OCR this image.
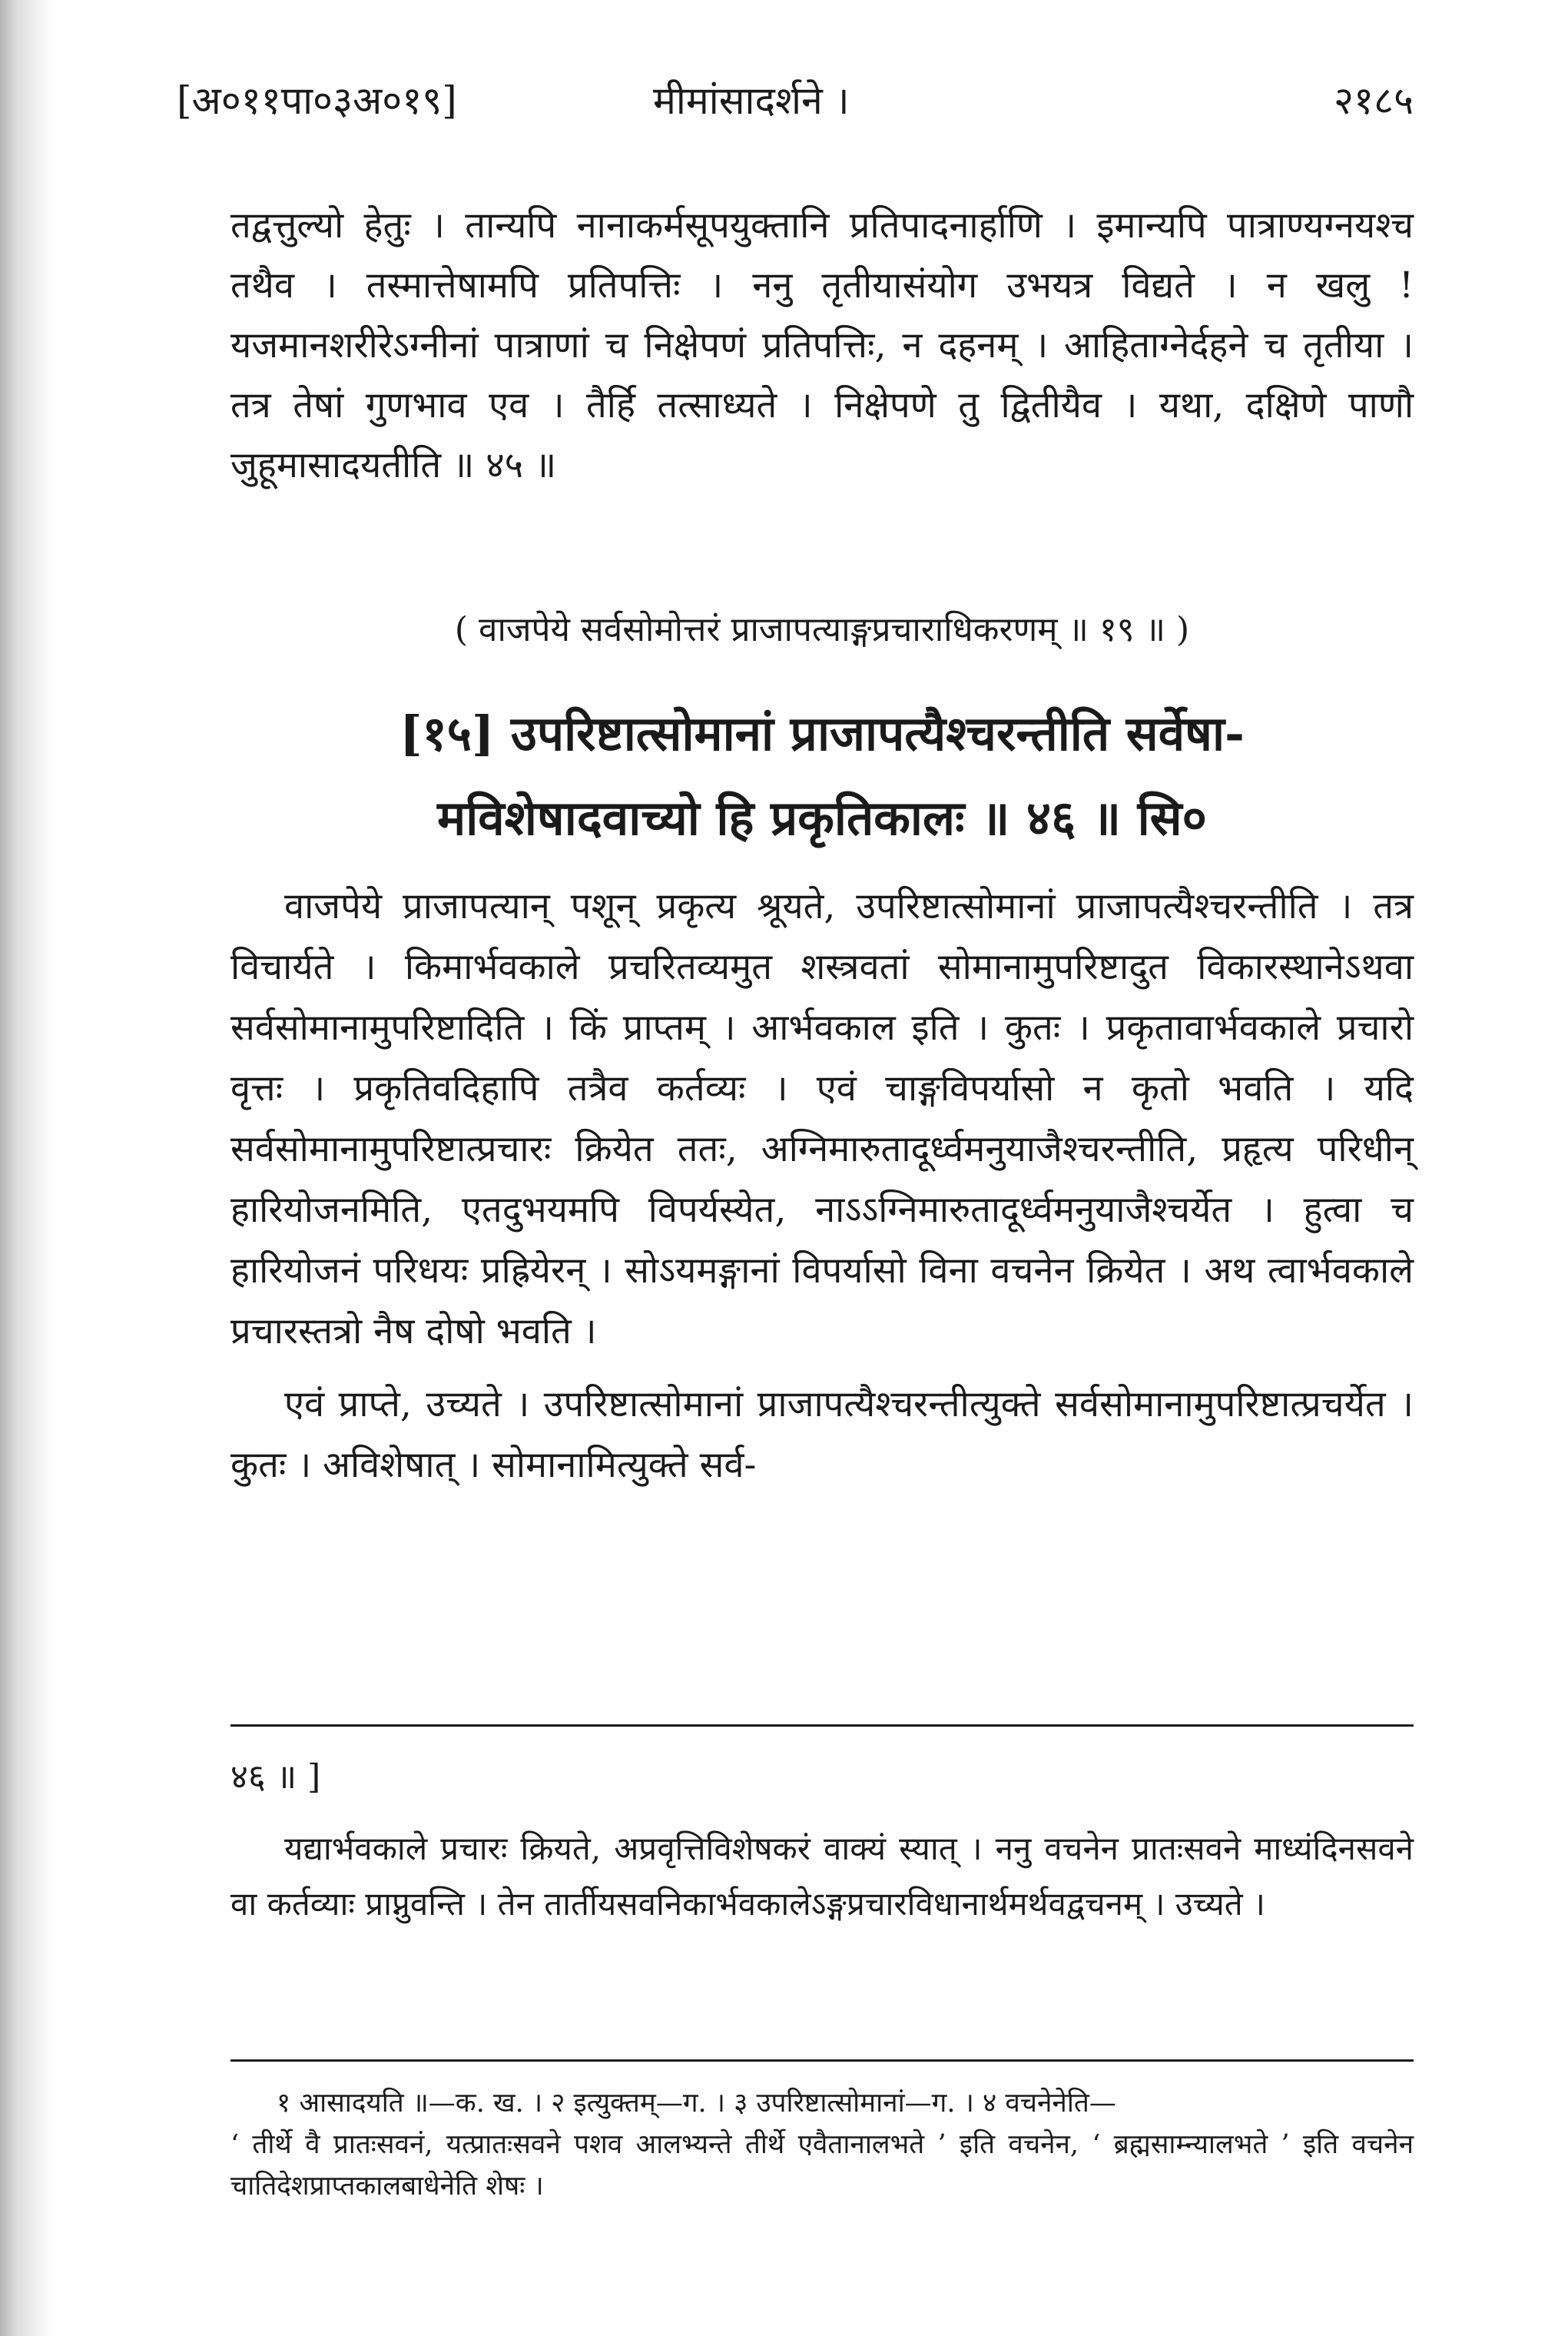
[अ०११पा०३अ०१९]	मीमांसादर्शने ।	२१८५

तद्वत्तुल्यो हेतुः । तान्यपि नानाकर्मसूपयुक्तानि प्रतिपादनार्हाणि । इमान्यपि पात्राण्यग्नयश्च तथैव । तस्मात्तेषामपि प्रतिपत्तिः । ननु तृतीयासंयोग उभयत्र विद्यते । न खलु ! यजमानशरीरेऽग्नीनां पात्राणां च निक्षेपणं प्रतिपत्तिः, न दहनम् । आहिताग्नेर्दहने च तृतीया । तत्र तेषां गुणभाव एव । तैर्हि तत्साध्यते । निक्षेपणे तु द्वितीयैव । यथा, दक्षिणे पाणौ जुहूमासादयतीति ॥ ४५ ॥

( वाजपेये सर्वसोमोत्तरं प्राजापत्याङ्गप्रचाराधिकरणम् ॥ १९ ॥ )
[१५] उपरिष्टात्सोमानां प्राजापत्यैश्चरन्तीति सर्वेषा-
मविशेषादवाच्यो हि प्रकृतिकालः ॥ ४६ ॥ सि०

वाजपेये प्राजापत्यान् पशून् प्रकृत्य श्रूयते, उपरिष्टात्सोमानां प्राजापत्यैश्चरन्तीति । तत्र विचार्यते । किमार्भवकाले प्रचरितव्यमुत शस्त्रवतां सोमानामुपरिष्टादुत विकारस्थानेऽथवा सर्वसोमानामुपरिष्टादिति । किं प्राप्तम् । आर्भवकाल इति । कुतः । प्रकृतावार्भवकाले प्रचारो वृत्तः । प्रकृतिवदिहापि तत्रैव कर्तव्यः । एवं चाङ्गविपर्यासो न कृतो भवति । यदि सर्वसोमानामुपरिष्टात्प्रचारः क्रियेत ततः, अग्निमारुतादूर्ध्वमनुयाजैश्चरन्तीति, प्रहृत्य परिधीन् हारियोजनमिति, एतदुभयमपि विपर्यस्येत, नाऽऽग्निमारुतादूर्ध्वमनुयाजैश्चर्येत । हुत्वा च हारियोजनं परिधयः प्रह्रियेरन् । सोऽयमङ्गानां विपर्यासो विना वचनेन क्रियेत । अथ त्वार्भवकाले प्रचारस्तत्रो नैष दोषो भवति ।

एवं प्राप्ते, उच्यते । उपरिष्टात्सोमानां प्राजापत्यैश्चरन्तीत्युक्ते सर्वसोमानामुपरिष्टात्प्रचर्येत । कुतः । अविशेषात् । सोमानामित्युक्ते सर्व-

४६ ॥ ]

यद्यार्भवकाले प्रचारः क्रियते, अप्रवृत्तिविशेषकरं वाक्यं स्यात् । ननु वचनेन प्रातःसवने माध्यंदिनसवने वा कर्तव्याः प्राप्नुवन्ति । तेन तार्तीयसवनिकार्भवकालेऽङ्गप्रचारविधानार्थमर्थवद्वचनम् । उच्यते ।

१ आसादयति ॥—क. ख. । २ इत्युक्तम्—ग. । ३ उपरिष्टात्सोमानां—ग. । ४ वचनेनेति—

‘ तीर्थे वै प्रातःसवनं, यत्प्रातःसवने पशव आलभ्यन्ते तीर्थे एवैतानालभते ’ इति वचनेन, ‘ ब्रह्मसाम्न्यालभते ’ इति वचनेन चातिदेशप्राप्तकालबाधेनेति शेषः ।
